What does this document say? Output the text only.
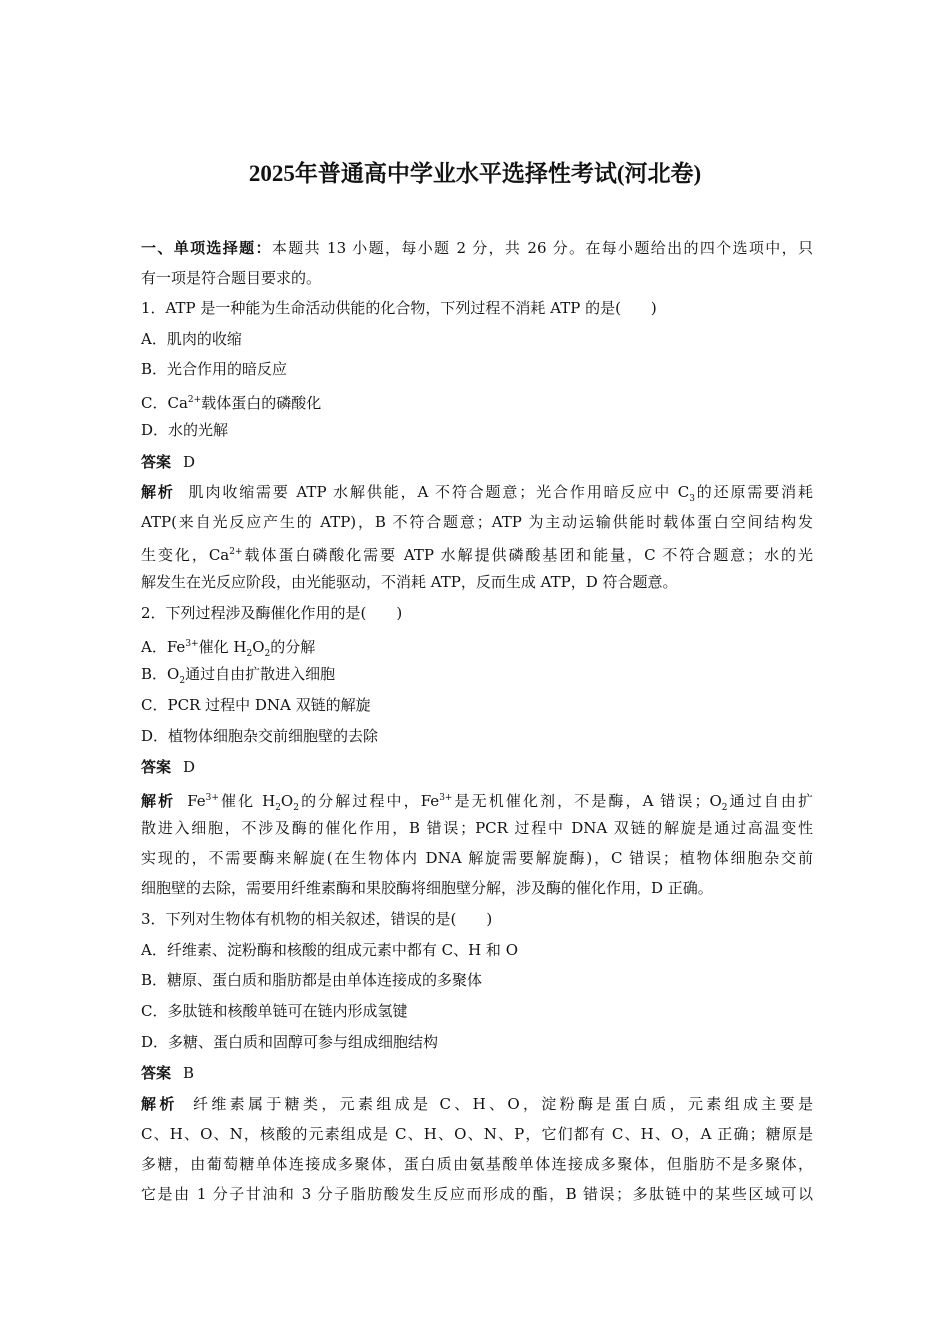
2025年普通高中学业水平选择性考试(河北卷)
一、单项选择题：本题共 13 小题，每小题 2 分，共 26 分。在每小题给出的四个选项中，只
有一项是符合题目要求的。
1．ATP 是一种能为生命活动供能的化合物，下列过程不消耗 ATP 的是(　　)
A．肌肉的收缩
B．光合作用的暗反应
C．$Ca^{2+}$载体蛋白的磷酸化
D．水的光解
答案 D
解析 肌肉收缩需要 ATP 水解供能，A 不符合题意；光合作用暗反应中 $C_3$的还原需要消耗
ATP(来自光反应产生的 ATP)，B 不符合题意；ATP 为主动运输供能时载体蛋白空间结构发
生变化，$Ca^{2+}$载体蛋白磷酸化需要 ATP 水解提供磷酸基团和能量，C 不符合题意；水的光
解发生在光反应阶段，由光能驱动，不消耗 ATP，反而生成 ATP，D 符合题意。
2．下列过程涉及酶催化作用的是(　　)
A．$Fe^{3+}$催化 $H_2O_2$的分解
B．$O_2$通过自由扩散进入细胞
C．PCR 过程中 DNA 双链的解旋
D．植物体细胞杂交前细胞壁的去除
答案 D
解析 $Fe^{3+}$催化 $H_2O_2$的分解过程中，$Fe^{3+}$是无机催化剂，不是酶，A 错误；$O_2$通过自由扩
散进入细胞，不涉及酶的催化作用，B 错误；PCR 过程中 DNA 双链的解旋是通过高温变性
实现的，不需要酶来解旋(在生物体内 DNA 解旋需要解旋酶)，C 错误；植物体细胞杂交前
细胞壁的去除，需要用纤维素酶和果胶酶将细胞壁分解，涉及酶的催化作用，D 正确。
3．下列对生物体有机物的相关叙述，错误的是(　　)
A．纤维素、淀粉酶和核酸的组成元素中都有 C、H 和 O
B．糖原、蛋白质和脂肪都是由单体连接成的多聚体
C．多肽链和核酸单链可在链内形成氢键
D．多糖、蛋白质和固醇可参与组成细胞结构
答案 B
解析 纤维素属于糖类，元素组成是 C、H、O，淀粉酶是蛋白质，元素组成主要是
C、H、O、N，核酸的元素组成是 C、H、O、N、P，它们都有 C、H、O，A 正确；糖原是
多糖，由葡萄糖单体连接成多聚体，蛋白质由氨基酸单体连接成多聚体，但脂肪不是多聚体，
它是由 1 分子甘油和 3 分子脂肪酸发生反应而形成的酯，B 错误；多肽链中的某些区域可以
